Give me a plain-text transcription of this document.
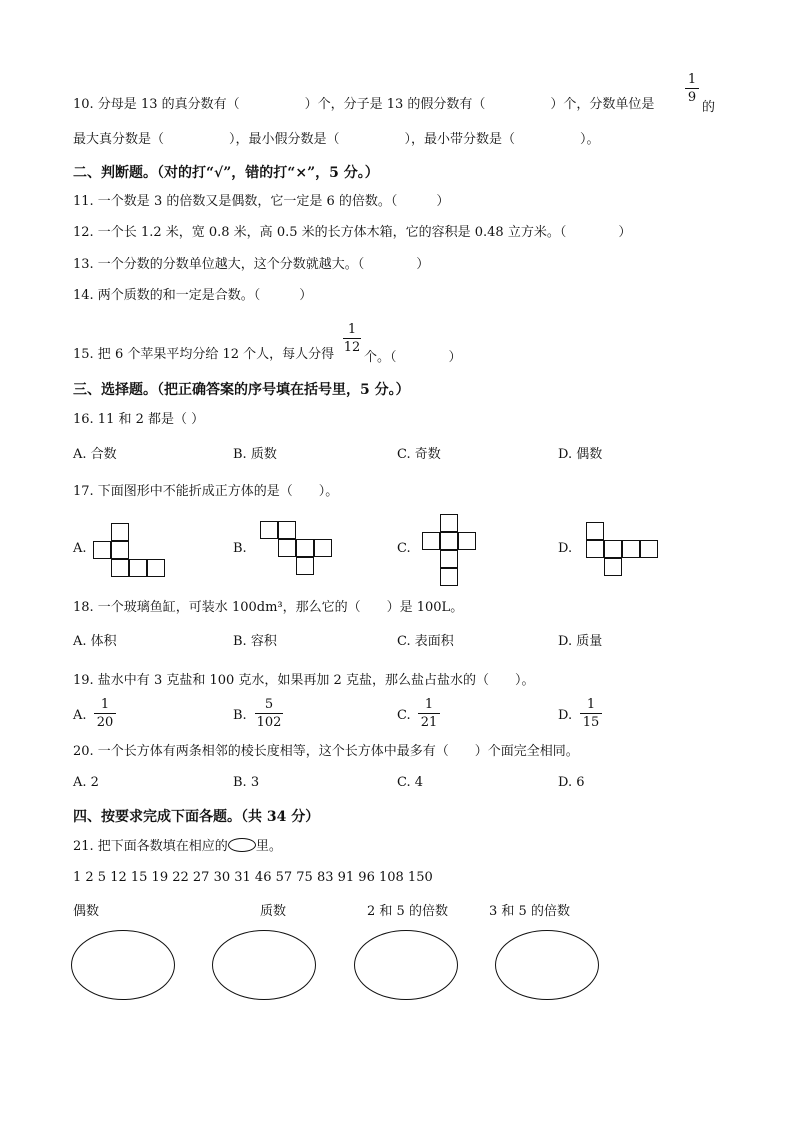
10. 分母是 13 的真分数有（　　　　　）个，分子是 13 的假分数有（　　　　　）个，分数单位是
1
9
的
最大真分数是（　　　　　），最小假分数是（　　　　　），最小带分数是（　　　　　）。
二、判断题。（对的打“√”，错的打“×”，5 分。）
11. 一个数是 3 的倍数又是偶数，它一定是 6 的倍数。（　　　）
12. 一个长 1.2 米，宽 0.8 米，高 0.5 米的长方体木箱，它的容积是 0.48 立方米。（　　　　）
13. 一个分数的分数单位越大，这个分数就越大。（　　　　）
14. 两个质数的和一定是合数。（　　　）
15. 把 6 个苹果平均分给 12 个人，每人分得
1
12
个。（　　　　）
三、选择题。（把正确答案的序号填在括号里，5 分。）
16. 11 和 2 都是（ ）
A. 合数	B. 质数	C. 奇数	D. 偶数
17. 下面图形中不能折成正方体的是（　　）。
A.	B.	C.	D.
18. 一个玻璃鱼缸，可装水 100dm³，那么它的（　　）是 100L。
A. 体积	B. 容积	C. 表面积	D. 质量
19. 盐水中有 3 克盐和 100 克水，如果再加 2 克盐，那么盐占盐水的（　　）。
A.
1
20	B.
5
102	C.
1
21	D.
1
15
20. 一个长方体有两条相邻的棱长度相等，这个长方体中最多有（　　）个面完全相同。
A. 2	B. 3	C. 4	D. 6
四、按要求完成下面各题。（共 34 分）
21. 把下面各数填在相应的 里。
1 2 5 12 15 19 22 27 30 31 46 57 75 83 91 96 108 150
偶数	质数	2 和 5 的倍数	3 和 5 的倍数
